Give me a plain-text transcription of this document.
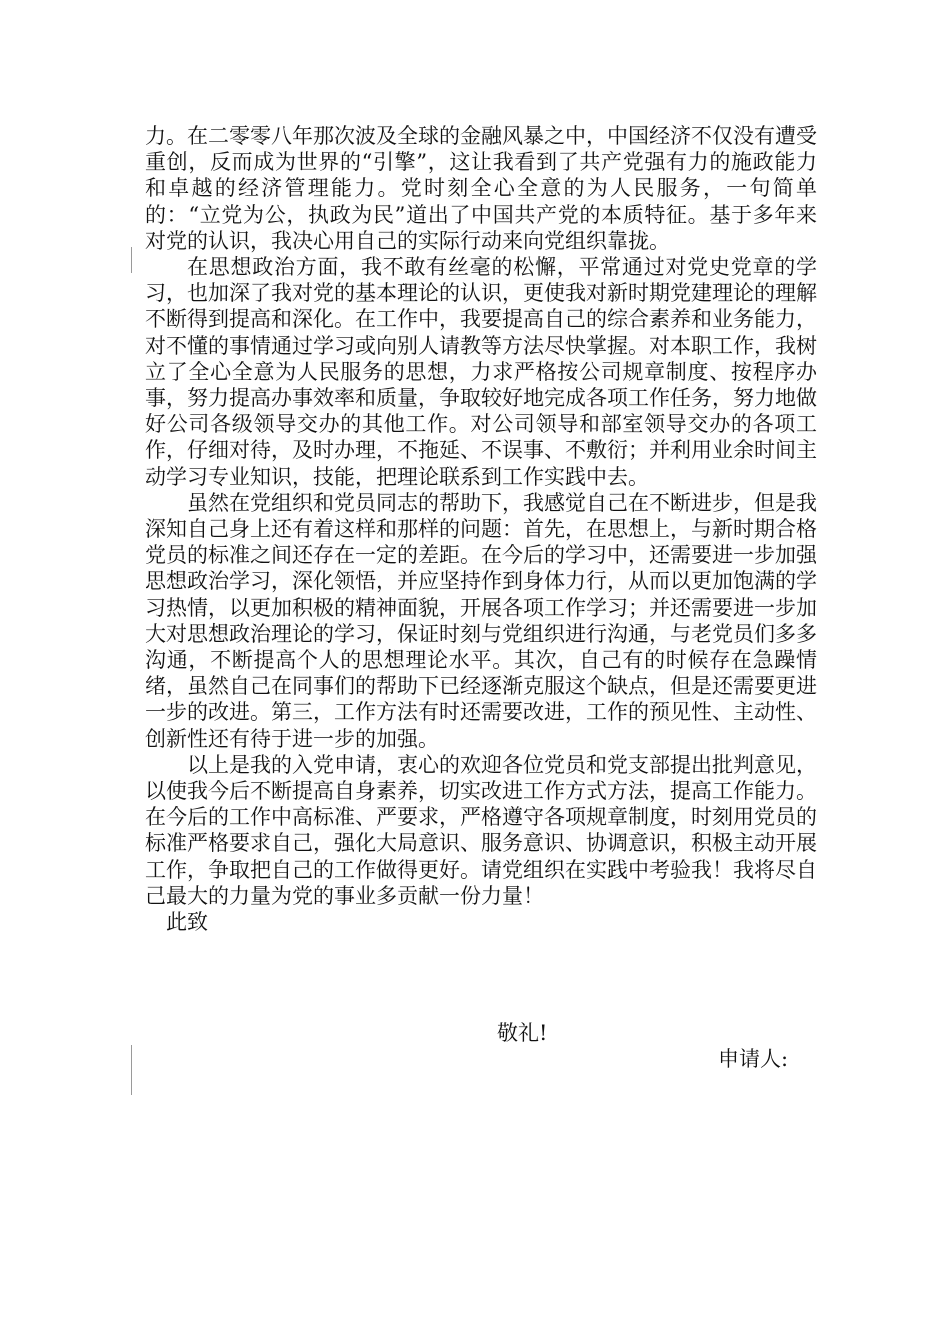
力。在二零零八年那次波及全球的金融风暴之中，中国经济不仅没有遭受重创，反而成为世界的“引擎”，这让我看到了共产党强有力的施政能力和卓越的经济管理能力。党时刻全心全意的为人民服务，一句简单的：“立党为公，执政为民”道出了中国共产党的本质特征。基于多年来对党的认识，我决心用自己的实际行动来向党组织靠拢。

在思想政治方面，我不敢有丝毫的松懈，平常通过对党史党章的学习，也加深了我对党的基本理论的认识，更使我对新时期党建理论的理解不断得到提高和深化。在工作中，我要提高自己的综合素养和业务能力，对不懂的事情通过学习或向别人请教等方法尽快掌握。对本职工作，我树立了全心全意为人民服务的思想，力求严格按公司规章制度、按程序办事，努力提高办事效率和质量，争取较好地完成各项工作任务，努力地做好公司各级领导交办的其他工作。对公司领导和部室领导交办的各项工作，仔细对待，及时办理，不拖延、不误事、不敷衍；并利用业余时间主动学习专业知识，技能，把理论联系到工作实践中去。

虽然在党组织和党员同志的帮助下，我感觉自己在不断进步，但是我深知自己身上还有着这样和那样的问题：首先，在思想上，与新时期合格党员的标准之间还存在一定的差距。在今后的学习中，还需要进一步加强思想政治学习，深化领悟，并应坚持作到身体力行，从而以更加饱满的学习热情，以更加积极的精神面貌，开展各项工作学习；并还需要进一步加大对思想政治理论的学习，保证时刻与党组织进行沟通，与老党员们多多沟通，不断提高个人的思想理论水平。其次，自己有的时候存在急躁情绪，虽然自己在同事们的帮助下已经逐渐克服这个缺点，但是还需要更进一步的改进。第三，工作方法有时还需要改进，工作的预见性、主动性、创新性还有待于进一步的加强。

以上是我的入党申请，衷心的欢迎各位党员和党支部提出批判意见，以使我今后不断提高自身素养，切实改进工作方式方法，提高工作能力。在今后的工作中高标准、严要求，严格遵守各项规章制度，时刻用党员的标准严格要求自己，强化大局意识、服务意识、协调意识，积极主动开展工作，争取把自己的工作做得更好。请党组织在实践中考验我！我将尽自己最大的力量为党的事业多贡献一份力量！

此致

敬礼!
申请人:
